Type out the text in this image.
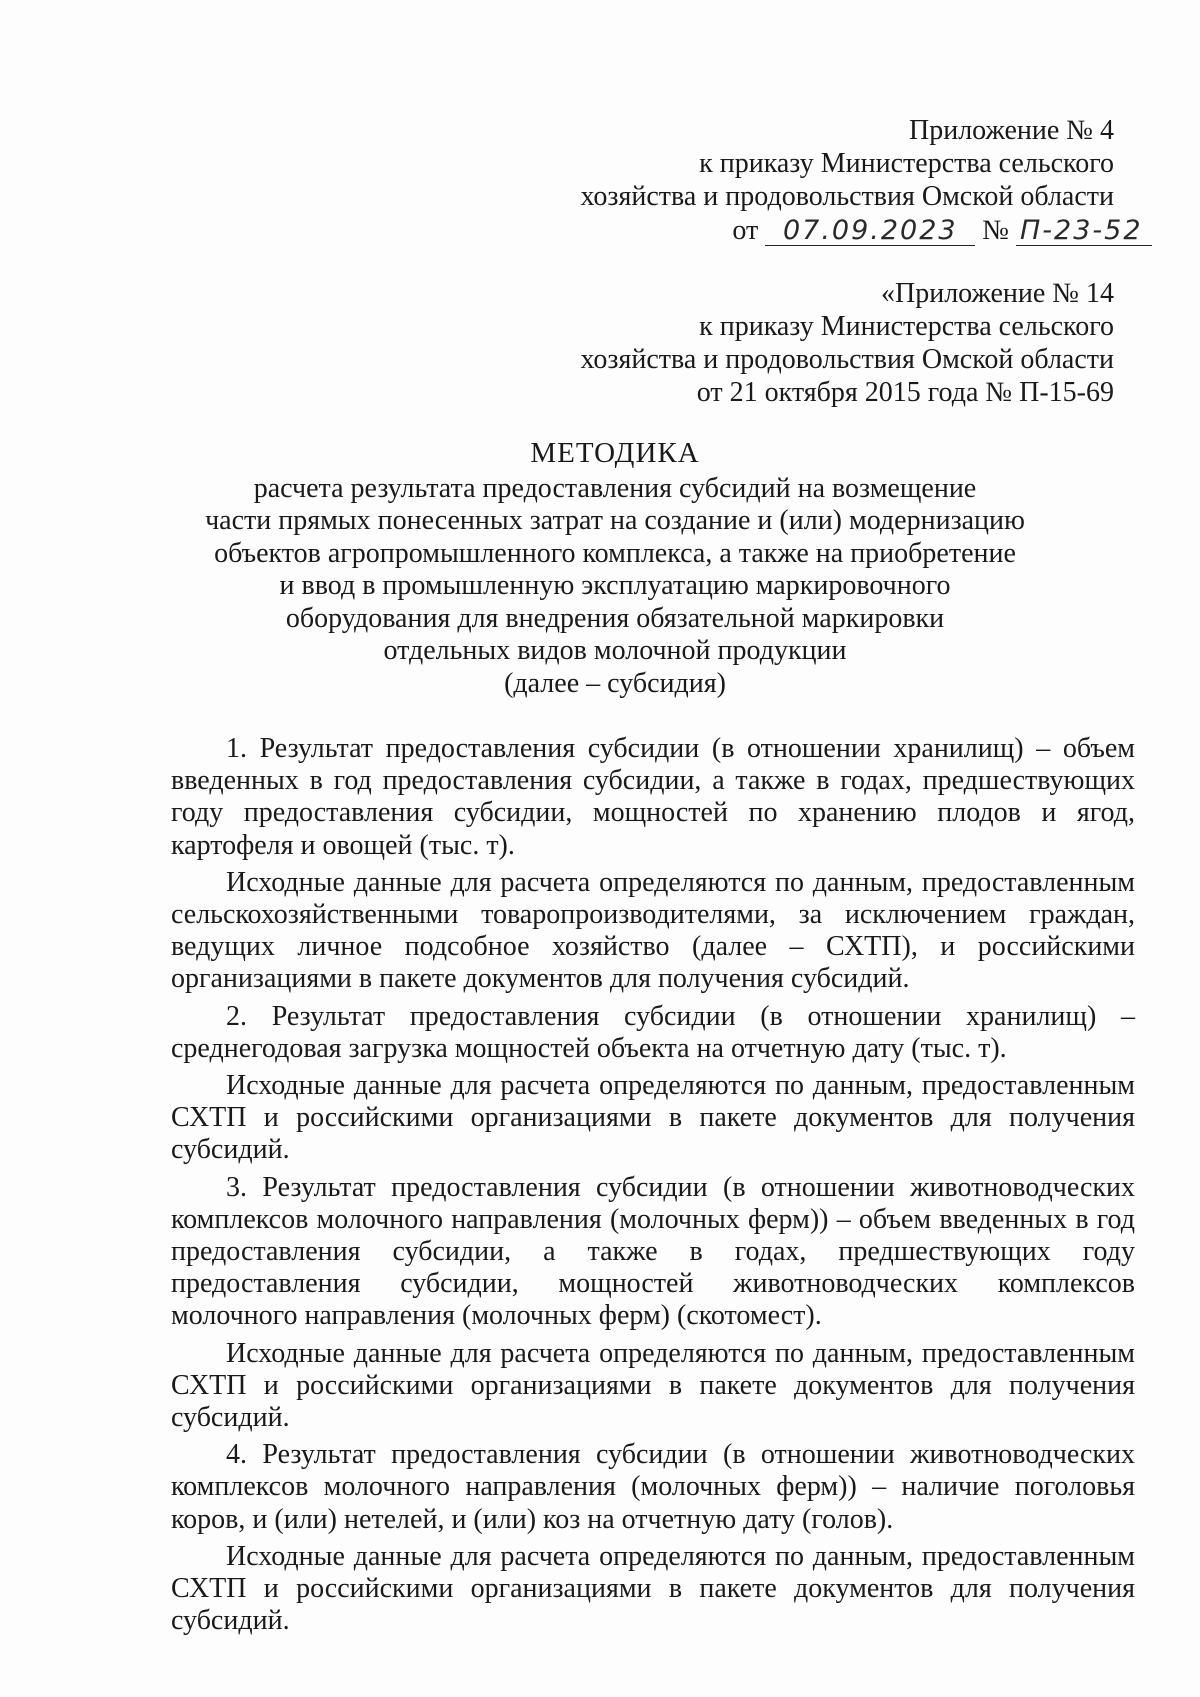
Приложение № 4
к приказу Министерства сельского
хозяйства и продовольствия Омской области
от 07.09.2023 № П-23-52
«Приложение № 14
к приказу Министерства сельского
хозяйства и продовольствия Омской области
от 21 октября 2015 года № П-15-69
МЕТОДИКА
расчета результата предоставления субсидий на возмещение
части прямых понесенных затрат на создание и (или) модернизацию
объектов агропромышленного комплекса, а также на приобретение
и ввод в промышленную эксплуатацию маркировочного
оборудования для внедрения обязательной маркировки
отдельных видов молочной продукции
(далее – субсидия)

1. Результат предоставления субсидии (в отношении хранилищ) – объем введенных в год предоставления субсидии, а также в годах, предшествующих году предоставления субсидии, мощностей по хранению плодов и ягод, картофеля и овощей (тыс. т).

Исходные данные для расчета определяются по данным, предоставленным сельскохозяйственными товаропроизводителями, за исключением граждан, ведущих личное подсобное хозяйство (далее – СХТП), и российскими организациями в пакете документов для получения субсидий.

2. Результат предоставления субсидии (в отношении хранилищ) – среднегодовая загрузка мощностей объекта на отчетную дату (тыс. т).

Исходные данные для расчета определяются по данным, предоставленным СХТП и российскими организациями в пакете документов для получения субсидий.

3. Результат предоставления субсидии (в отношении животноводческих комплексов молочного направления (молочных ферм)) – объем введенных в год предоставления субсидии, а также в годах, предшествующих году предоставления субсидии, мощностей животноводческих комплексов молочного направления (молочных ферм) (скотомест).

Исходные данные для расчета определяются по данным, предоставленным СХТП и российскими организациями в пакете документов для получения субсидий.

4. Результат предоставления субсидии (в отношении животноводческих комплексов молочного направления (молочных ферм)) – наличие поголовья коров, и (или) нетелей, и (или) коз на отчетную дату (голов).

Исходные данные для расчета определяются по данным, предоставленным СХТП и российскими организациями в пакете документов для получения субсидий.
